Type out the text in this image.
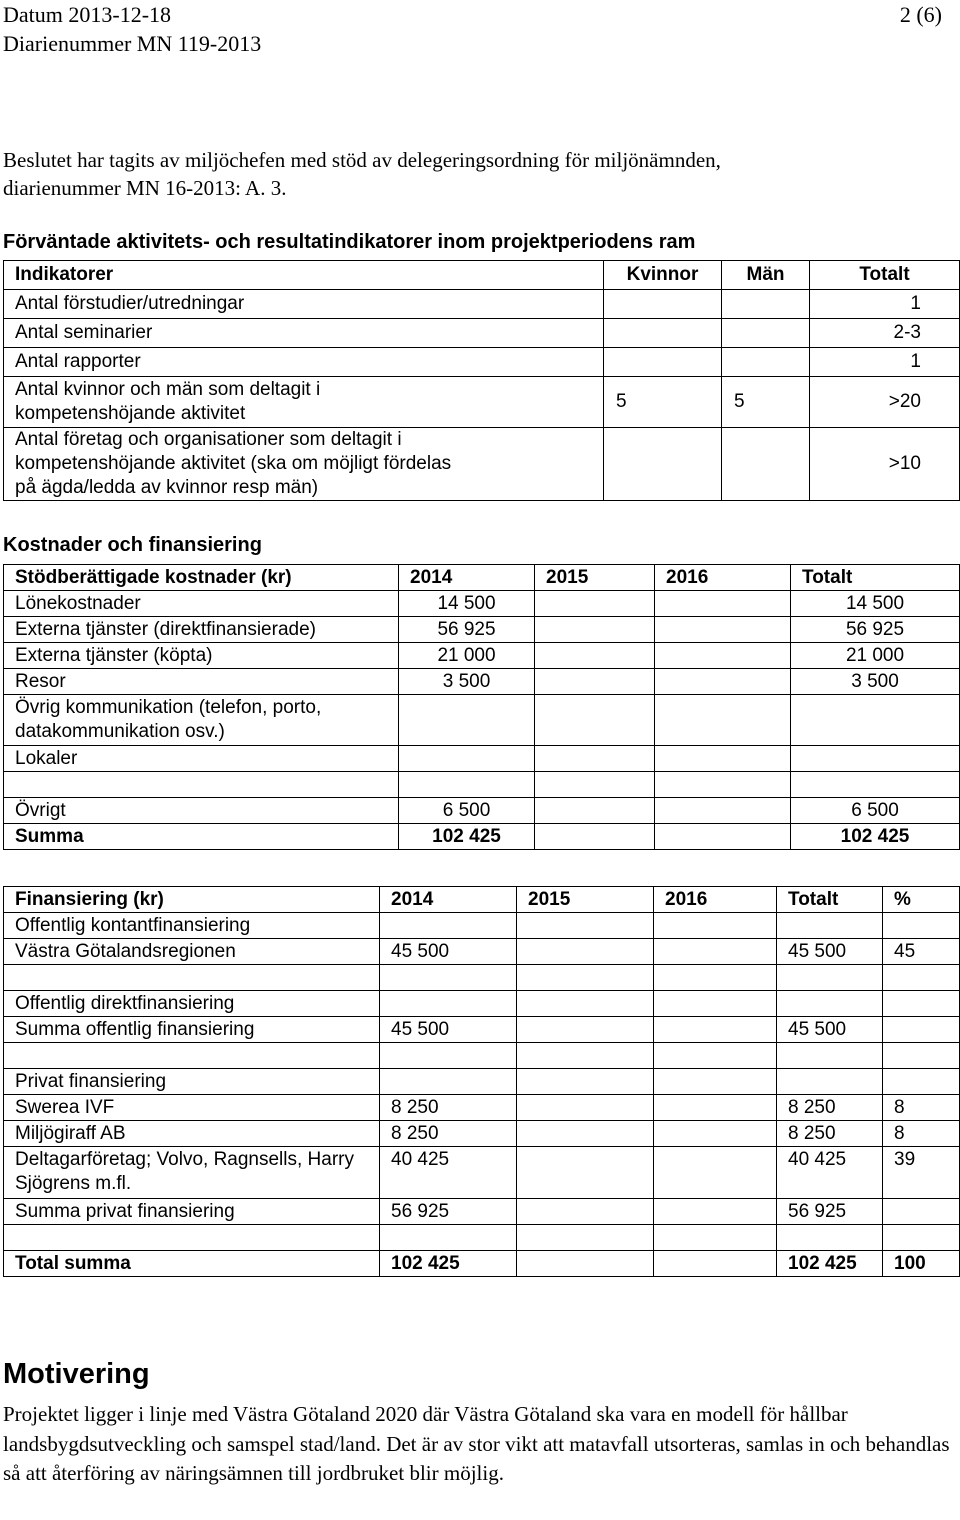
Datum 2013-12-18
Diarienummer MN 119-2013
2 (6)
Beslutet har tagits av miljöchefen med stöd av delegeringsordning för miljönämnden, diarienummer MN 16-2013: A. 3.
Förväntade aktivitets- och resultatindikatorer inom projektperiodens ram
Indikatorer	Kvinnor	Män	Totalt
Antal förstudier/utredningar			1
Antal seminarier			2-3
Antal rapporter			1
Antal kvinnor och män som deltagit i kompetenshöjande aktivitet	5	5	>20
Antal företag och organisationer som deltagit i kompetenshöjande aktivitet (ska om möjligt fördelas på ägda/ledda av kvinnor resp män)			>10
Kostnader och finansiering
Stödberättigade kostnader (kr)	2014	2015	2016	Totalt
Lönekostnader	14 500			14 500
Externa tjänster (direktfinansierade)	56 925			56 925
Externa tjänster (köpta)	21 000			21 000
Resor	3 500			3 500
Övrig kommunikation (telefon, porto, datakommunikation osv.)				
Lokaler				

Övrigt	6 500			6 500
Summa	102 425			102 425
Finansiering (kr)	2014	2015	2016	Totalt	%
Offentlig kontantfinansiering					
Västra Götalandsregionen	45 500			45 500	45

Offentlig direktfinansiering					
Summa offentlig finansiering	45 500			45 500	

Privat finansiering					
Swerea IVF	8 250			8 250	8
Miljögiraff AB	8 250			8 250	8
Deltagarföretag; Volvo, Ragnsells, Harry Sjögrens m.fl.	40 425			40 425	39
Summa privat finansiering	56 925			56 925	

Total summa	102 425			102 425	100
Motivering
Projektet ligger i linje med Västra Götaland 2020 där Västra Götaland ska vara en modell för hållbar landsbygdsutveckling och samspel stad/land. Det är av stor vikt att matavfall utsorteras, samlas in och behandlas så att återföring av näringsämnen till jordbruket blir möjlig.
